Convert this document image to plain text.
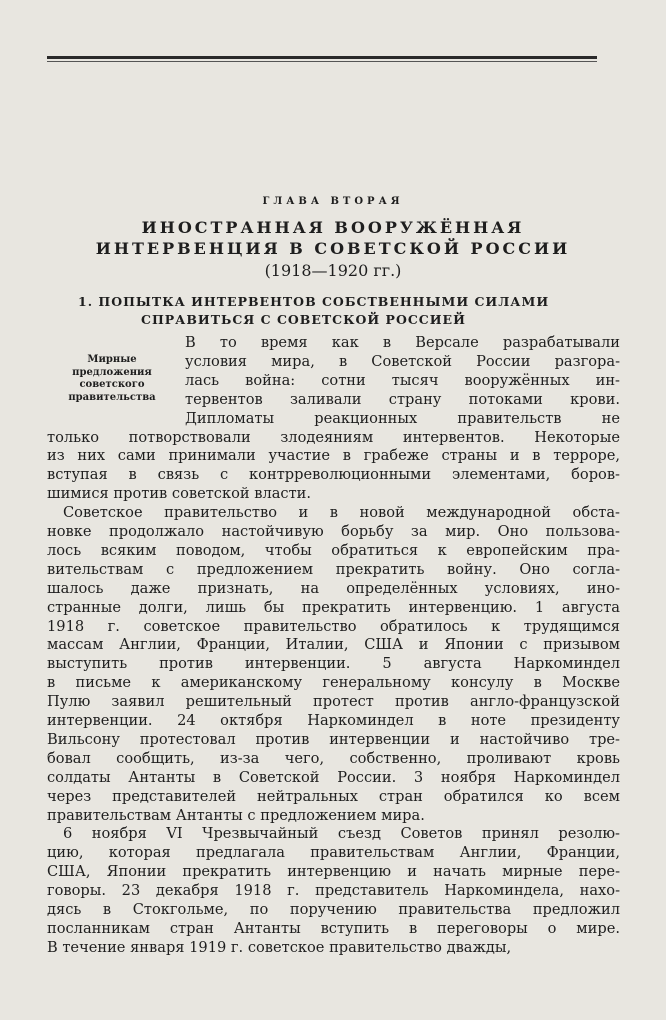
ГЛАВА ВТОРАЯ
ИНОСТРАННАЯ ВООРУЖЁННАЯ
ИНТЕРВЕНЦИЯ В СОВЕТСКОЙ РОССИИ
(1918—1920 гг.)
1. ПОПЫТКА ИНТЕРВЕНТОВ СОБСТВЕННЫМИ СИЛАМИ
СПРАВИТЬСЯ С СОВЕТСКОЙ РОССИЕЙ
Мирные
предложения
советского
правительства
В то время как в Версале разрабатывали
условия мира, в Советской России разгора-
лась война: сотни тысяч вооружённых ин-
тервентов заливали страну потоками крови.
Дипломаты реакционных правительств не
только потворствовали злодеяниям интервентов. Некоторые
из них сами принимали участие в грабеже страны и в терроре,
вступая в связь с контрреволюционными элементами, боров-
шимися против советской власти.
Советское правительство и в новой международной обста-
новке продолжало настойчивую борьбу за мир. Оно пользова-
лось всяким поводом, чтобы обратиться к европейским пра-
вительствам с предложением прекратить войну. Оно согла-
шалось даже признать, на определённых условиях, ино-
странные долги, лишь бы прекратить интервенцию. 1 августа
1918 г. советское правительство обратилось к трудящимся
массам Англии, Франции, Италии, США и Японии с призывом
выступить против интервенции. 5 августа Наркоминдел
в письме к американскому генеральному консулу в Москве
Пулю заявил решительный протест против англо-французской
интервенции. 24 октября Наркоминдел в ноте президенту
Вильсону протестовал против интервенции и настойчиво тре-
бовал сообщить, из-за чего, собственно, проливают кровь
солдаты Антанты в Советской России. 3 ноября Наркоминдел
через представителей нейтральных стран обратился ко всем
правительствам Антанты с предложением мира.
6 ноября VI Чрезвычайный съезд Советов принял резолю-
цию, которая предлагала правительствам Англии, Франции,
США, Японии прекратить интервенцию и начать мирные пере-
говоры. 23 декабря 1918 г. представитель Наркоминдела, нахо-
дясь в Стокгольме, по поручению правительства предложил
посланникам стран Антанты вступить в переговоры о мире.
В течение января 1919 г. советское правительство дважды,
